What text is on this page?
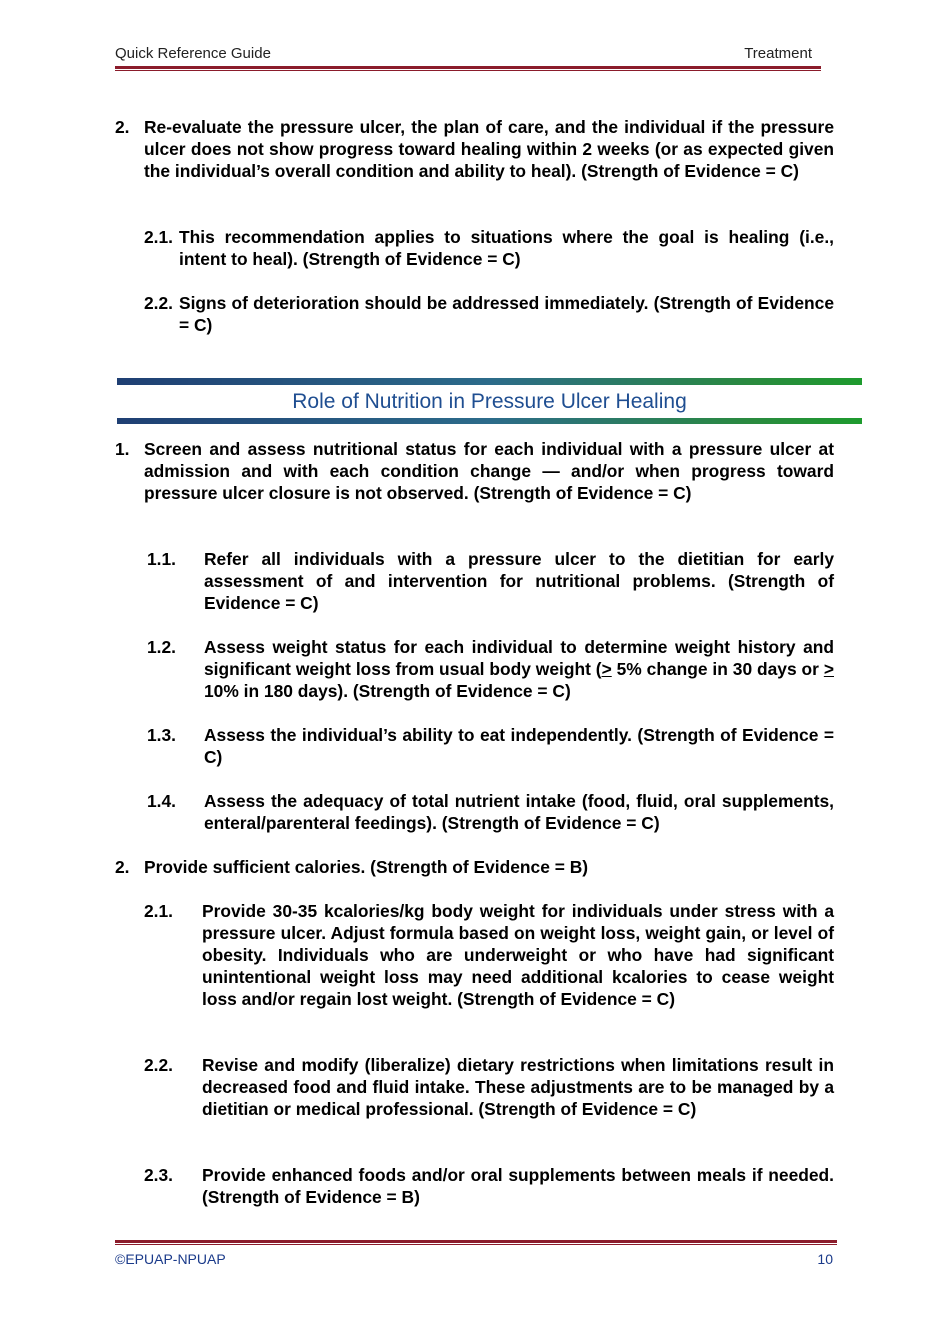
Quick Reference Guide	Treatment
2. Re-evaluate the pressure ulcer, the plan of care, and the individual if the pressure ulcer does not show progress toward healing within 2 weeks (or as expected given the individual’s overall condition and ability to heal). (Strength of Evidence = C)
2.1. This recommendation applies to situations where the goal is healing (i.e., intent to heal). (Strength of Evidence = C)
2.2. Signs of deterioration should be addressed immediately. (Strength of Evidence = C)
Role of Nutrition in Pressure Ulcer Healing
1. Screen and assess nutritional status for each individual with a pressure ulcer at admission and with each condition change — and/or when progress toward pressure ulcer closure is not observed. (Strength of Evidence = C)
1.1. Refer all individuals with a pressure ulcer to the dietitian for early assessment of and intervention for nutritional problems. (Strength of Evidence = C)
1.2. Assess weight status for each individual to determine weight history and significant weight loss from usual body weight (> 5% change in 30 days or > 10% in 180 days). (Strength of Evidence = C)
1.3. Assess the individual’s ability to eat independently. (Strength of Evidence = C)
1.4. Assess the adequacy of total nutrient intake (food, fluid, oral supplements, enteral/parenteral feedings). (Strength of Evidence = C)
2. Provide sufficient calories. (Strength of Evidence = B)
2.1. Provide 30-35 kcalories/kg body weight for individuals under stress with a pressure ulcer. Adjust formula based on weight loss, weight gain, or level of obesity. Individuals who are underweight or who have had significant unintentional weight loss may need additional kcalories to cease weight loss and/or regain lost weight. (Strength of Evidence = C)
2.2. Revise and modify (liberalize) dietary restrictions when limitations result in decreased food and fluid intake. These adjustments are to be managed by a dietitian or medical professional. (Strength of Evidence = C)
2.3. Provide enhanced foods and/or oral supplements between meals if needed. (Strength of Evidence = B)
©EPUAP-NPUAP	10
